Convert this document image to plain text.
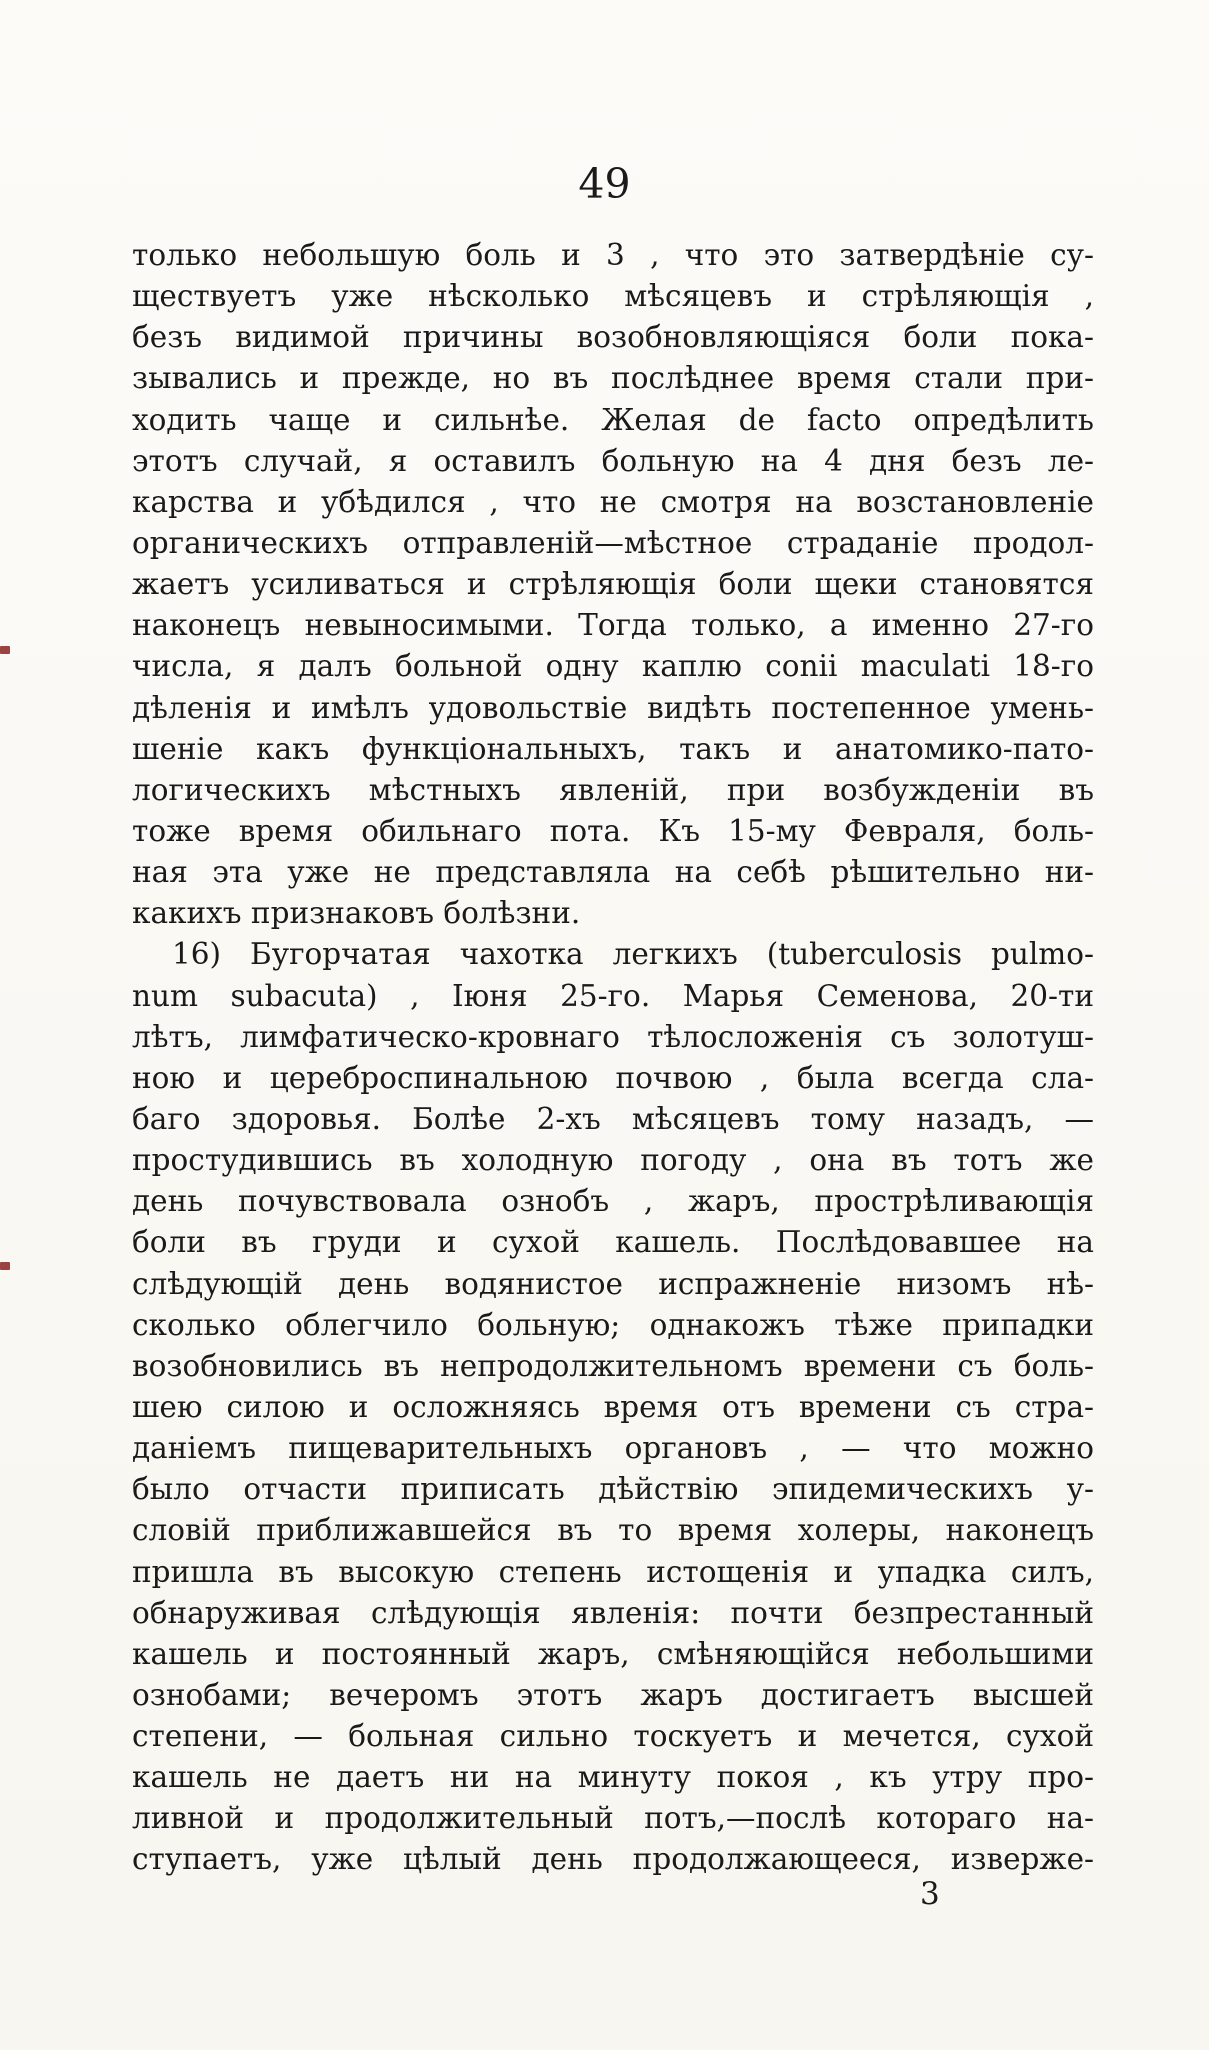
49
только небольшую боль и 3 , что это затвердѣніе су-
ществуетъ уже нѣсколько мѣсяцевъ и стрѣляющія ,
безъ видимой причины возобновляющіяся боли пока-
зывались и прежде, но въ послѣднее время стали при-
ходить чаще и сильнѣе. Желая de facto опредѣлить
этотъ случай, я оставилъ больную на 4 дня безъ ле-
карства и убѣдился , что не смотря на возстановленіе
органическихъ отправленій—мѣстное страданіе продол-
жаетъ усиливаться и стрѣляющія боли щеки становятся
наконецъ невыносимыми. Тогда только, а именно 27-го
числа, я далъ больной одну каплю conii maculati 18-го
дѣленія и имѣлъ удовольствіе видѣть постепенное умень-
шеніе какъ функціональныхъ, такъ и анатомико-пато-
логическихъ мѣстныхъ явленій, при возбужденіи въ
тоже время обильнаго пота. Къ 15-му Февраля, боль-
ная эта уже не представляла на себѣ рѣшительно ни-
какихъ признаковъ болѣзни.
16) Бугорчатая чахотка легкихъ (tuberculosis pulmo-
num subacuta) , Іюня 25-го. Марья Семенова, 20-ти
лѣтъ, лимфатическо-кровнаго тѣлосложенія съ золотуш-
ною и цереброспинальною почвою , была всегда сла-
баго здоровья. Болѣе 2-хъ мѣсяцевъ тому назадъ, —
простудившись въ холодную погоду , она въ тотъ же
день почувствовала ознобъ , жаръ, прострѣливающія
боли въ груди и сухой кашель. Послѣдовавшее на
слѣдующій день водянистое испражненіе низомъ нѣ-
сколько облегчило больную; однакожъ тѣже припадки
возобновились въ непродолжительномъ времени съ боль-
шею силою и осложняясь время отъ времени съ стра-
даніемъ пищеварительныхъ органовъ , — что можно
было отчасти приписать дѣйствію эпидемическихъ у-
словій приближавшейся въ то время холеры, наконецъ
пришла въ высокую степень истощенія и упадка силъ,
обнаруживая слѣдующія явленія: почти безпрестанный
кашель и постоянный жаръ, смѣняющійся небольшими
ознобами; вечеромъ этотъ жаръ достигаетъ высшей
степени, — больная сильно тоскуетъ и мечется, сухой
кашель не даетъ ни на минуту покоя , къ утру про-
ливной и продолжительный потъ,—послѣ котораго на-
ступаетъ, уже цѣлый день продолжающееся, изверже-
3
